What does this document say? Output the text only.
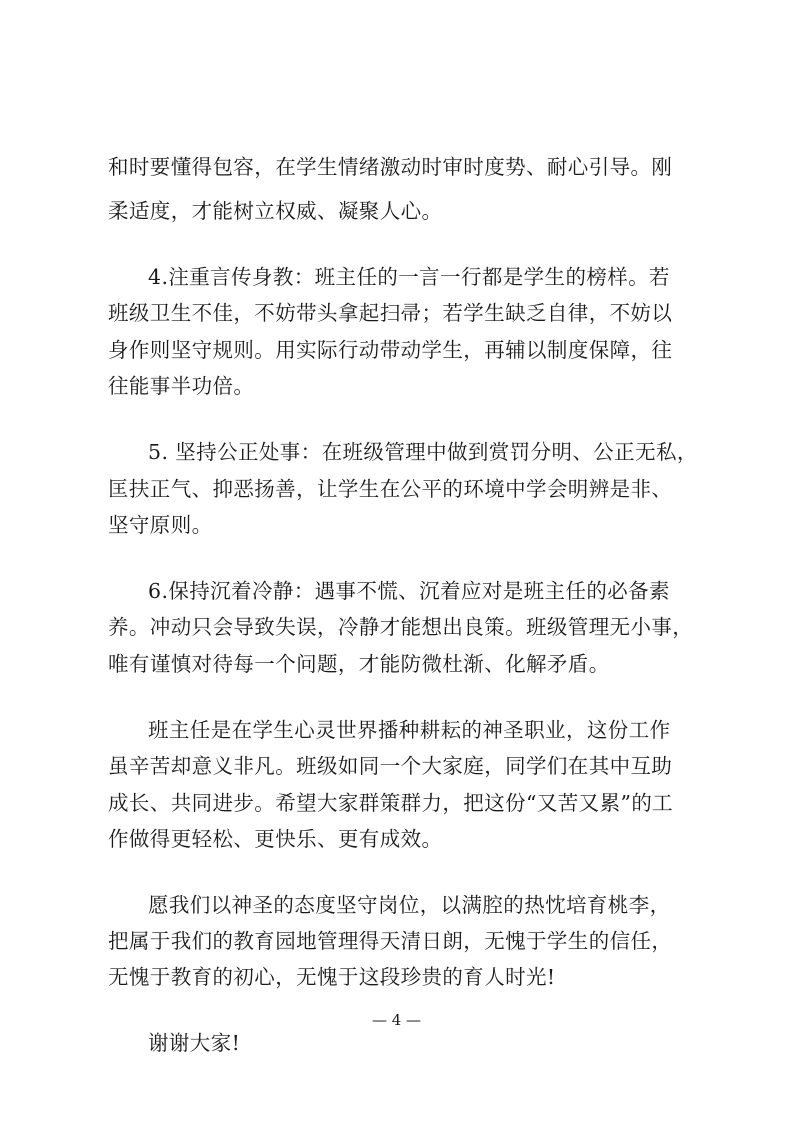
和时要懂得包容，在学生情绪激动时审时度势、耐心引导。刚
柔适度，才能树立权威、凝聚人心。
4.注重言传身教：班主任的一言一行都是学生的榜样。若
班级卫生不佳，不妨带头拿起扫帚；若学生缺乏自律，不妨以
身作则坚守规则。用实际行动带动学生，再辅以制度保障，往
往能事半功倍。
5. 坚持公正处事：在班级管理中做到赏罚分明、公正无私，
匡扶正气、抑恶扬善，让学生在公平的环境中学会明辨是非、
坚守原则。
6.保持沉着冷静：遇事不慌、沉着应对是班主任的必备素
养。冲动只会导致失误，冷静才能想出良策。班级管理无小事，
唯有谨慎对待每一个问题，才能防微杜渐、化解矛盾。
班主任是在学生心灵世界播种耕耘的神圣职业，这份工作
虽辛苦却意义非凡。班级如同一个大家庭，同学们在其中互助
成长、共同进步。希望大家群策群力，把这份“又苦又累”的工
作做得更轻松、更快乐、更有成效。
愿我们以神圣的态度坚守岗位，以满腔的热忱培育桃李，
把属于我们的教育园地管理得天清日朗，无愧于学生的信任，
无愧于教育的初心，无愧于这段珍贵的育人时光!
谢谢大家!
— 4 —
